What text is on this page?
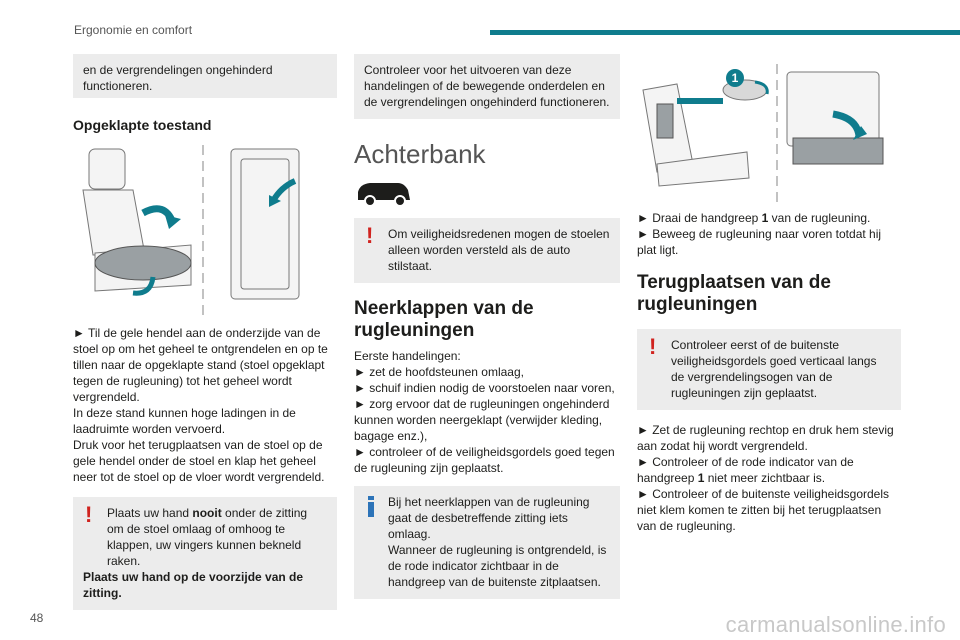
Ergonomie en comfort
en de vergrendelingen ongehinderd functioneren.
Opgeklapte toestand

► Til de gele hendel aan de onderzijde van de stoel op om het geheel te ontgrendelen en op te tillen naar de opgeklapte stand (stoel opgeklapt tegen de rugleuning) tot het geheel wordt vergrendeld.

In deze stand kunnen hoge ladingen in de laadruimte worden vervoerd.

Druk voor het terugplaatsen van de stoel op de gele hendel onder de stoel en klap het geheel neer tot de stoel op de vloer wordt vergrendeld.

!	Plaats uw hand nooit onder de zitting om de stoel omlaag of omhoog te klappen, uw vingers kunnen bekneld raken.

Plaats uw hand op de voorzijde van de zitting.

Controleer voor het uitvoeren van deze handelingen of de bewegende onderdelen en de vergrendelingen ongehinderd functioneren.
Achterbank
!	Om veiligheidsredenen mogen de stoelen alleen worden versteld als de auto stilstaat.

Neerklappen van de rugleuningen

Eerste handelingen:

► zet de hoofdsteunen omlaag,

► schuif indien nodig de voorstoelen naar voren,

► zorg ervoor dat de rugleuningen ongehinderd kunnen worden neergeklapt (verwijder kleding, bagage enz.),

► controleer of de veiligheidsgordels goed tegen de rugleuning zijn geplaatst.

Bij het neerklappen van de rugleuning gaat de desbetreffende zitting iets omlaag.
Wanneer de rugleuning is ontgrendeld, is de rode indicator zichtbaar in de handgreep van de buitenste zitplaatsen.

1

► Draai de handgreep 1 van de rugleuning.

► Beweeg de rugleuning naar voren totdat hij plat ligt.

Terugplaatsen van de rugleuningen
!	Controleer eerst of de buitenste veiligheidsgordels goed verticaal langs de vergrendelingsogen van de rugleuningen zijn geplaatst.

► Zet de rugleuning rechtop en druk hem stevig aan zodat hij wordt vergrendeld.

► Controleer of de rode indicator van de handgreep 1 niet meer zichtbaar is.

► Controleer of de buitenste veiligheidsgordels niet klem komen te zitten bij het terugplaatsen van de rugleuning.

48	carmanualsonline.info
